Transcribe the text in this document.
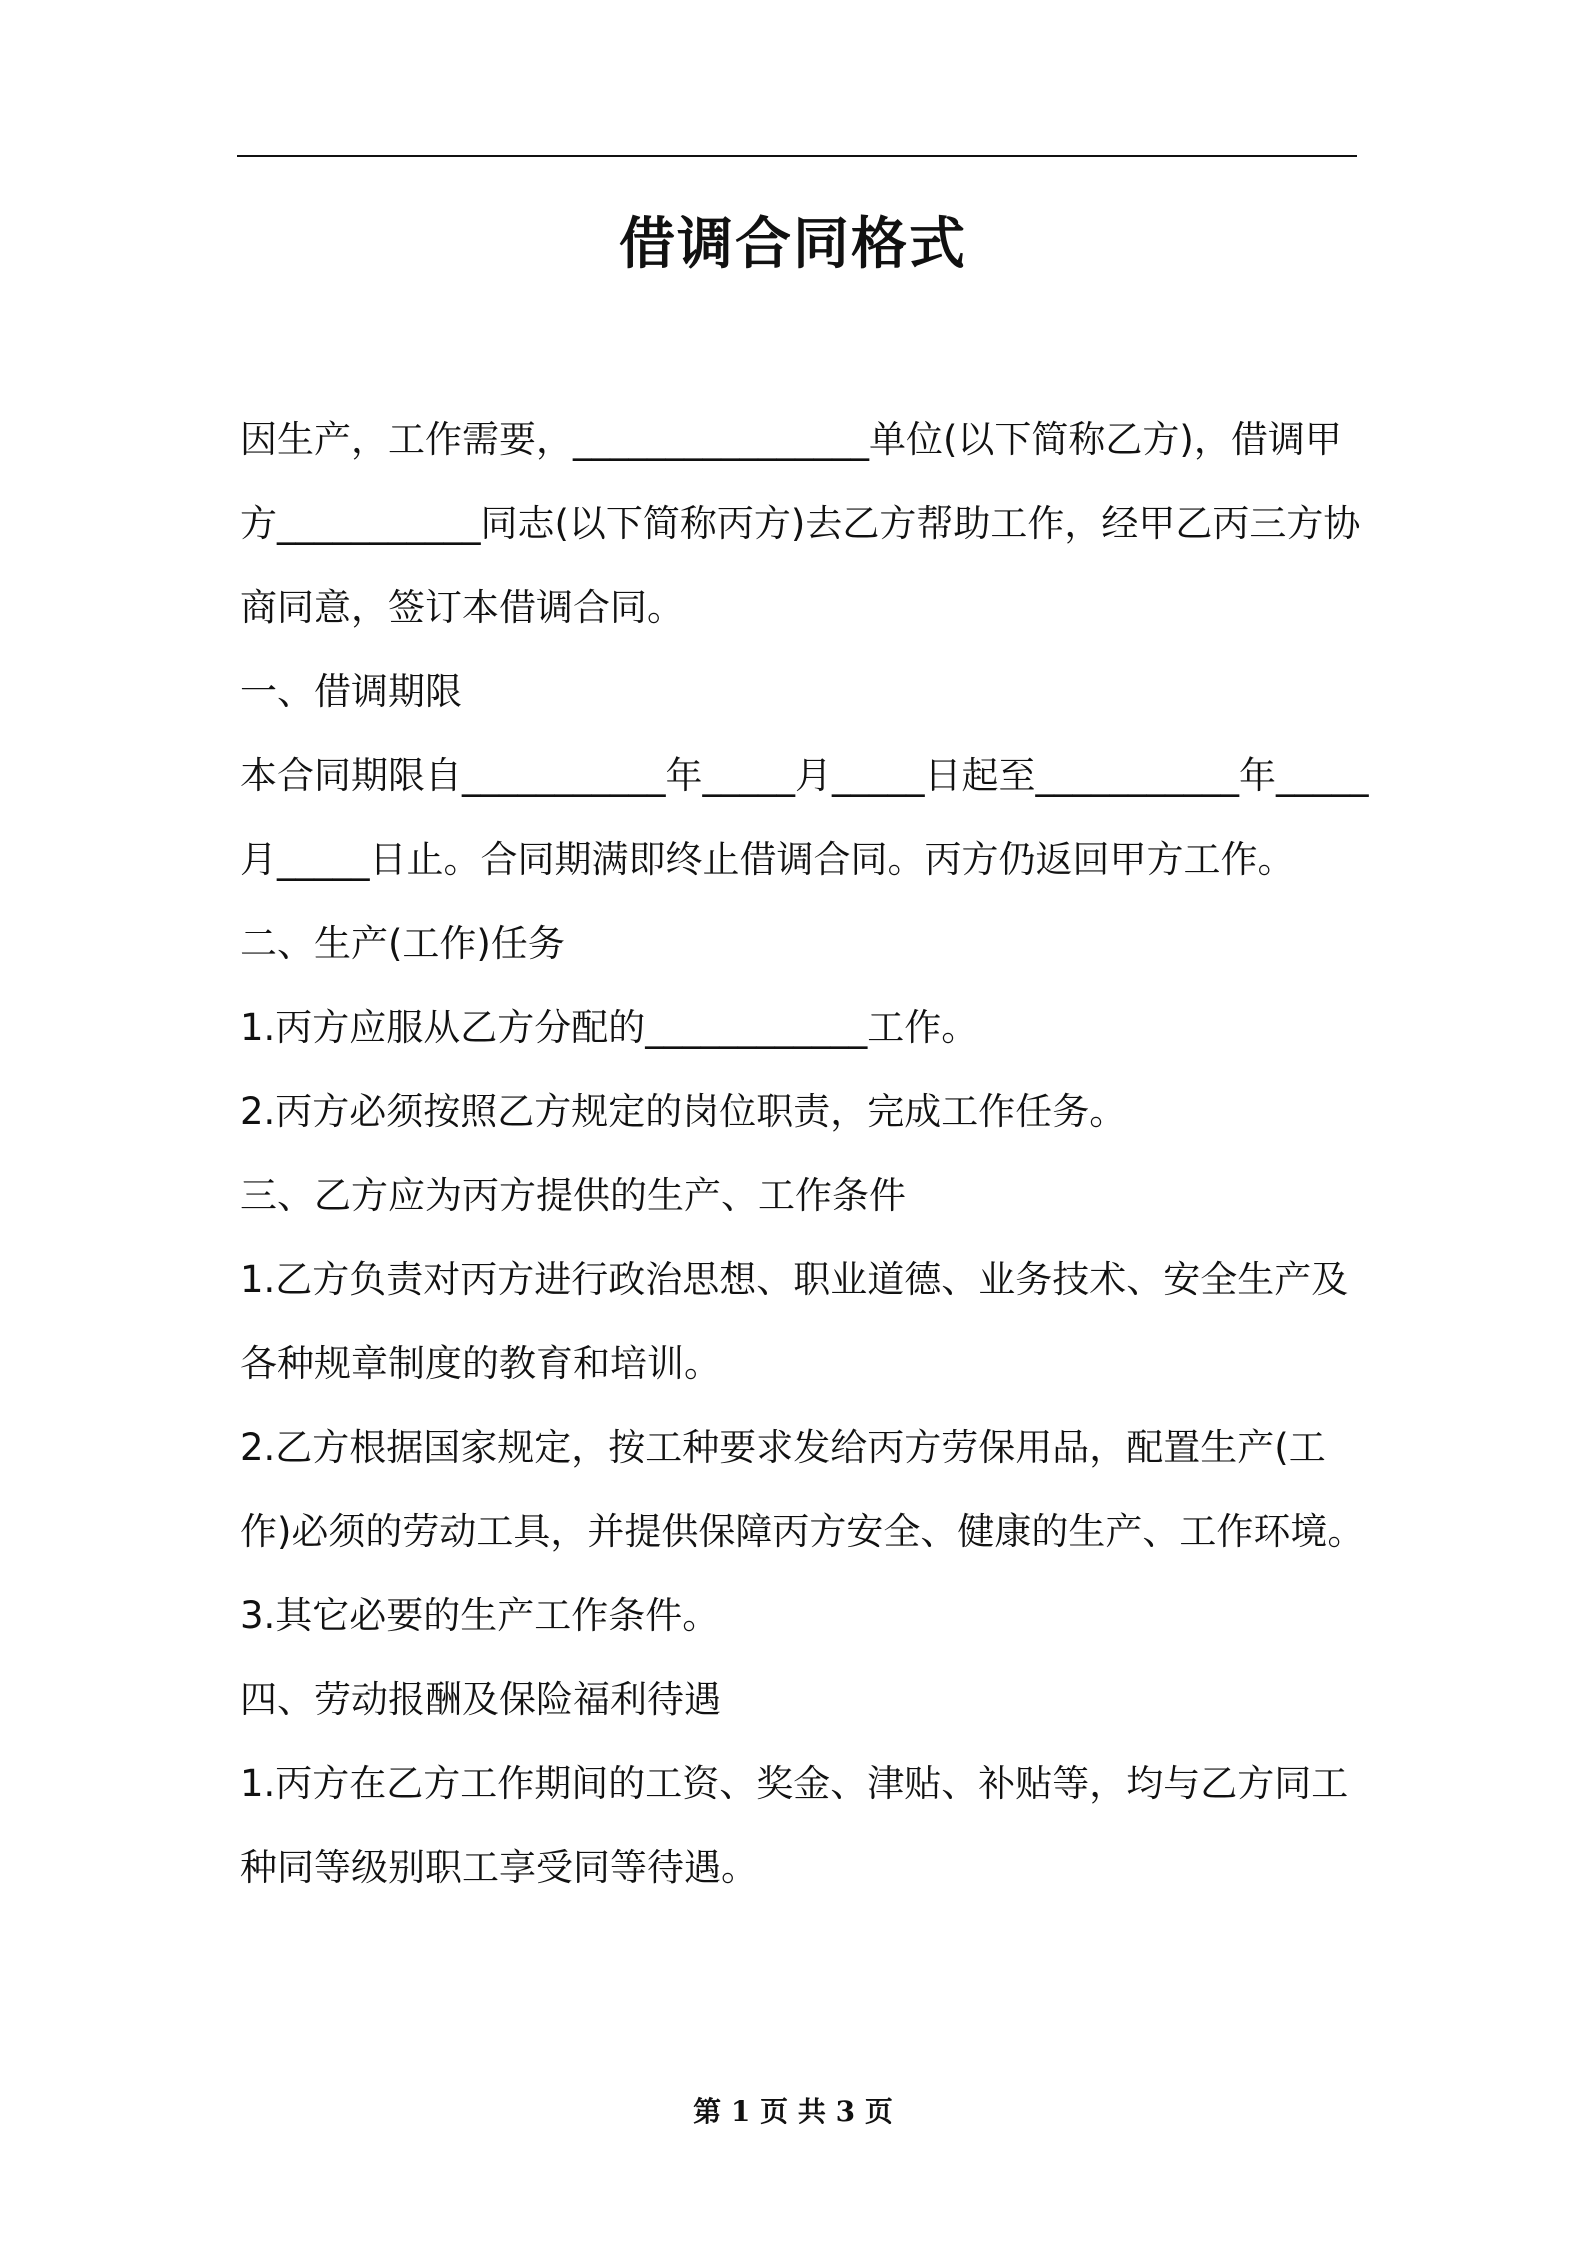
借调合同格式

因生产，工作需要，________________单位(以下简称乙方)，借调甲方___________同志(以下简称丙方)去乙方帮助工作，经甲乙丙三方协商同意，签订本借调合同。

一、借调期限

本合同期限自___________年_____月_____日起至___________年_____月_____日止。合同期满即终止借调合同。丙方仍返回甲方工作。

二、生产(工作)任务

1.丙方应服从乙方分配的____________工作。

2.丙方必须按照乙方规定的岗位职责，完成工作任务。

三、乙方应为丙方提供的生产、工作条件

1.乙方负责对丙方进行政治思想、职业道德、业务技术、安全生产及各种规章制度的教育和培训。

2.乙方根据国家规定，按工种要求发给丙方劳保用品，配置生产(工作)必须的劳动工具，并提供保障丙方安全、健康的生产、工作环境。

3.其它必要的生产工作条件。

四、劳动报酬及保险福利待遇

1.丙方在乙方工作期间的工资、奖金、津贴、补贴等，均与乙方同工种同等级别职工享受同等待遇。

第 1 页 共 3 页
